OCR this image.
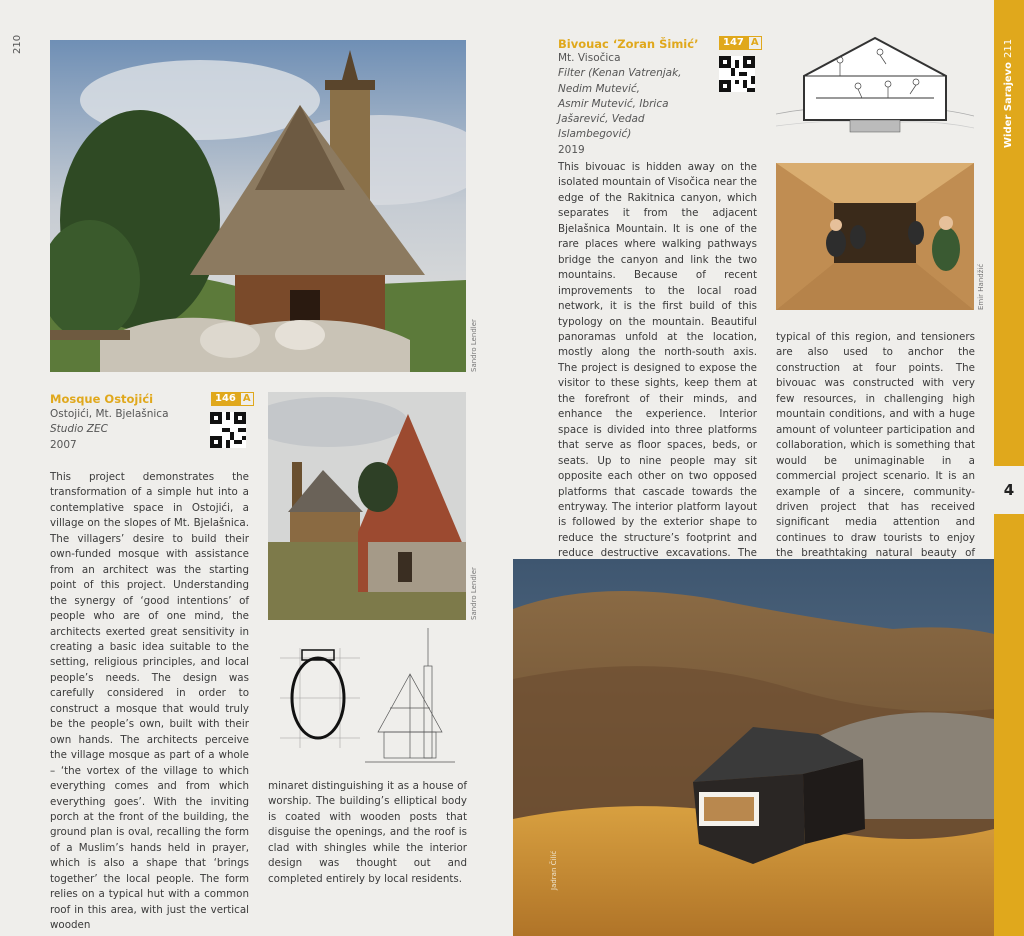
210	211
Wider Sarajevo
4
Sandro Lendler
Mosque Ostojići	146 A
Ostojići, Mt. Bjelašnica
Studio ZEC
2007
This project demonstrates the transformation of a simple hut into a contemplative space in Ostojići, a village on the slopes of Mt. Bjelašnica. The villagers’ desire to build their own-funded mosque with assistance from an architect was the starting point of this project. Understanding the synergy of ‘good intentions’ of people who are of one mind, the architects exerted great sensitivity in creating a basic idea suitable to the setting, religious principles, and local people’s needs. The design was carefully considered in order to construct a mosque that would truly be the people’s own, built with their own hands. The architects perceive the village mosque as part of a whole – ‘the vortex of the village to which everything comes and from which everything goes’. With the inviting porch at the front of the building, the ground plan is oval, recalling the form of a Muslim’s hands held in prayer, which is also a shape that ‘brings together’ the local people. The form relies on a typical hut with a common roof in this area, with just the vertical wooden
Sandro Lendler
minaret distinguishing it as a house of worship. The building’s elliptical body is coated with wooden posts that disguise the openings, and the roof is clad with shingles while the interior design was thought out and completed entirely by local residents.
Bivouac ‘Zoran Šimić’	147 A
Mt. Visočica
Filter (Kenan Vatrenjak,
Nedim Mutević,
Asmir Mutević, Ibrica
Jašarević, Vedad Islambegović)
2019
Emir Handžić
This bivouac is hidden away on the isolated mountain of Visočica near the edge of the Rakitnica canyon, which separates it from the adjacent Bjelašnica Mountain. It is one of the rare places where walking pathways bridge the canyon and link the two mountains. Because of recent improvements to the local road network, it is the first build of this typology on the mountain. Beautiful panoramas unfold at the location, mostly along the north-south axis. The project is designed to expose the visitor to these sights, keep them at the forefront of their minds, and enhance the experience. Interior space is divided into three platforms that serve as floor spaces, beds, or seats. Up to nine people may sit opposite each other on two opposed platforms that cascade towards the entryway. The interior platform layout is followed by the exterior shape to reduce the structure’s footprint and reduce destructive excavations. The
typical of this region, and tensioners are also used to anchor the construction at four points. The bivouac was constructed with very few resources, in challenging high mountain conditions, and with a huge amount of volunteer participation and collaboration, which is something that would be unimaginable in a commercial project scenario. It is an example of a sincere, community-driven project that has received significant media attention and continues to draw tourists to enjoy the breathtaking natural beauty of
Jadran Čilić
